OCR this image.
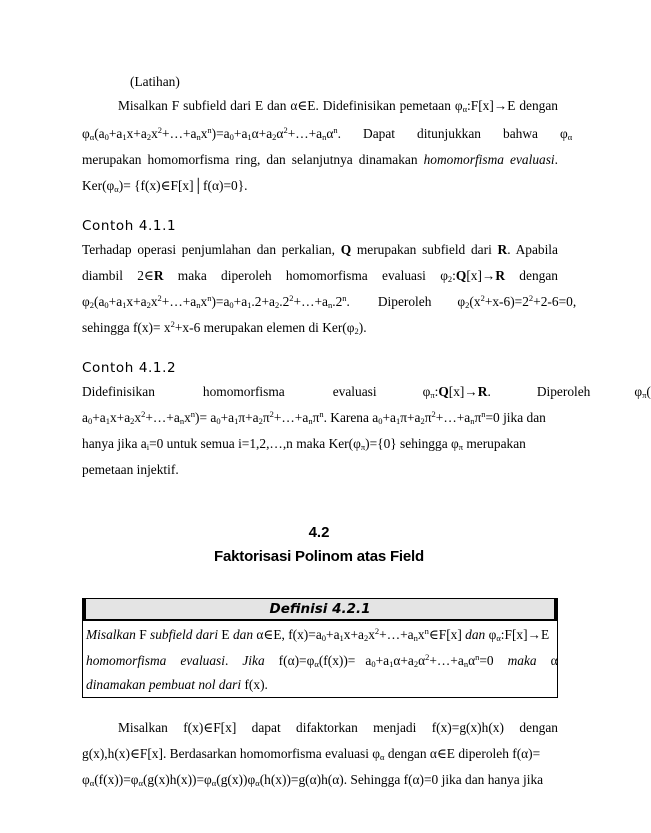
(Latihan)
Misalkan F subfield dari E dan α∈E. Didefinisikan pemetaan $\varphi_\alpha:F[x]\to E$ dengan
$\varphi_\alpha(a_0+a_1x+a_2x^2+\dots+a_nx^n)=a_0+a_1\alpha+a_2\alpha^2+\dots+a_n\alpha^n$. Dapat ditunjukkan bahwa $\varphi_\alpha$
merupakan homomorfisma ring, dan selanjutnya dinamakan homomorfisma evaluasi.
$Ker(\varphi_\alpha)=$ {f(x)∈F[x]│f(α)=0}.
Contoh 4.1.1
Terhadap operasi penjumlahan dan perkalian, Q merupakan subfield dari R. Apabila
diambil 2∈R maka diperoleh homomorfisma evaluasi $\varphi_2:Q[x]\to R$ dengan
$\varphi_2(a_0+a_1x+a_2x^2+\dots+a_nx^n)=a_0+a_1.2+a_2.2^2+\dots+a_n.2^n$. Diperoleh $\varphi_2(x^2+x-6)=2^2+2-6=0$,
sehingga $f(x)= x^2+x-6$ merupakan elemen di $Ker(\varphi_2)$.
Contoh 4.1.2
Didefinisikan	homomorfisma	evaluasi	$\varphi_\pi:Q[x]\to R$.	Diperoleh	$\varphi_\pi$(
$a_0+a_1x+a_2x^2+\dots+a_nx^n)=$ $a_0+a_1\pi+a_2\pi^2+\dots+a_n\pi^n$. Karena $a_0+a_1\pi+a_2\pi^2+\dots+a_n\pi^n=0$ jika dan
hanya jika $a_i=0$ untuk semua i=1,2,…,n maka $Ker(\varphi_\pi)=\{0\}$ sehingga $\varphi_\pi$ merupakan
pemetaan injektif.
4.2
Faktorisasi Polinom atas Field
Definisi 4.2.1
Misalkan F subfield dari E dan α∈E, $f(x)=a_0+a_1x+a_2x^2+\dots+a_nx^n\in F[x]$ dan $\varphi_\alpha:F[x]\to E$
homomorfisma evaluasi. Jika $f(\alpha)=\varphi_\alpha(f(x))=$ $a_0+a_1\alpha+a_2\alpha^2+\dots+a_n\alpha^n=0$ maka α
dinamakan pembuat nol dari f(x).
Misalkan f(x)∈F[x] dapat difaktorkan menjadi f(x)=g(x)h(x) dengan
g(x),h(x)∈F[x]. Berdasarkan homomorfisma evaluasi $\varphi_\alpha$ dengan α∈E diperoleh f(α)=
$\varphi_\alpha(f(x))=\varphi_\alpha(g(x)h(x))=\varphi_\alpha(g(x))\varphi_\alpha(h(x))=g(\alpha)h(\alpha)$. Sehingga f(α)=0 jika dan hanya jika
